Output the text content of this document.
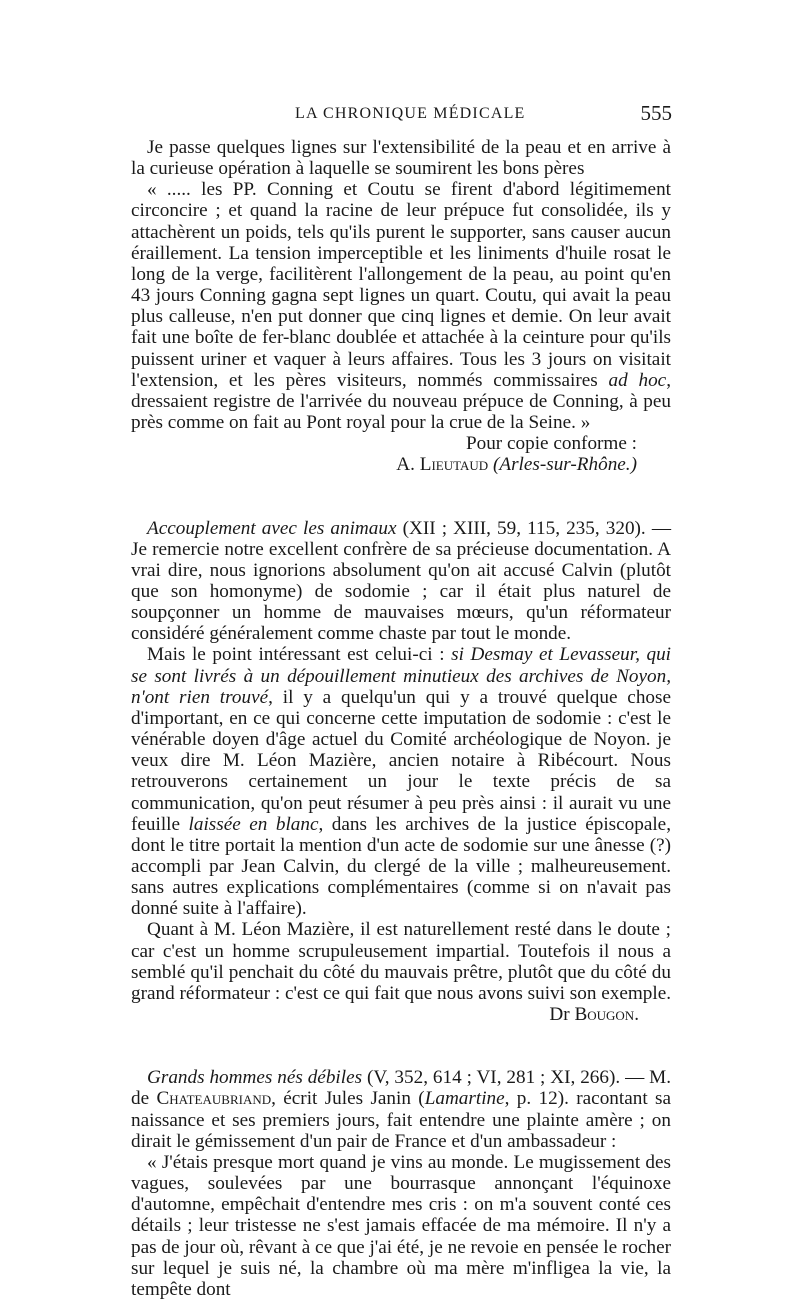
LA CHRONIQUE MÉDICALE	555

Je passe quelques lignes sur l'extensibilité de la peau et en arrive à la curieuse opération à laquelle se soumirent les bons pères

« ..... les PP. Conning et Coutu se firent d'abord légitimement circoncire ; et quand la racine de leur prépuce fut consolidée, ils y attachèrent un poids, tels qu'ils purent le supporter, sans causer aucun éraillement. La tension imperceptible et les liniments d'huile rosat le long de la verge, facilitèrent l'allongement de la peau, au point qu'en 43 jours Conning gagna sept lignes un quart. Coutu, qui avait la peau plus calleuse, n'en put donner que cinq lignes et demie. On leur avait fait une boîte de fer-blanc doublée et attachée à la ceinture pour qu'ils puissent uriner et vaquer à leurs affaires. Tous les 3 jours on visitait l'extension, et les pères visiteurs, nommés commissaires ad hoc, dressaient registre de l'arrivée du nouveau prépuce de Conning, à peu près comme on fait au Pont royal pour la crue de la Seine. »

Pour copie conforme :
A. Lieutaud (Arles-sur-Rhône.)

Accouplement avec les animaux (XII ; XIII, 59, 115, 235, 320). — Je remercie notre excellent confrère de sa précieuse documentation. A vrai dire, nous ignorions absolument qu'on ait accusé Calvin (plutôt que son homonyme) de sodomie ; car il était plus naturel de soupçonner un homme de mauvaises mœurs, qu'un réformateur considéré généralement comme chaste par tout le monde.

Mais le point intéressant est celui-ci : si Desmay et Levasseur, qui se sont livrés à un dépouillement minutieux des archives de Noyon, n'ont rien trouvé, il y a quelqu'un qui y a trouvé quelque chose d'important, en ce qui concerne cette imputation de sodomie : c'est le vénérable doyen d'âge actuel du Comité archéologique de Noyon. je veux dire M. Léon Mazière, ancien notaire à Ribécourt. Nous retrouverons certainement un jour le texte précis de sa communication, qu'on peut résumer à peu près ainsi : il aurait vu une feuille laissée en blanc, dans les archives de la justice épiscopale, dont le titre portait la mention d'un acte de sodomie sur une ânesse (?) accompli par Jean Calvin, du clergé de la ville ; malheureusement. sans autres explications complémentaires (comme si on n'avait pas donné suite à l'affaire).

Quant à M. Léon Mazière, il est naturellement resté dans le doute ; car c'est un homme scrupuleusement impartial. Toutefois il nous a semblé qu'il penchait du côté du mauvais prêtre, plutôt que du côté du grand réformateur : c'est ce qui fait que nous avons suivi son exemple.

Dr Bougon.

Grands hommes nés débiles (V, 352, 614 ; VI, 281 ; XI, 266). — M. de Chateaubriand, écrit Jules Janin (Lamartine, p. 12). racontant sa naissance et ses premiers jours, fait entendre une plainte amère ; on dirait le gémissement d'un pair de France et d'un ambassadeur :

« J'étais presque mort quand je vins au monde. Le mugissement des vagues, soulevées par une bourrasque annonçant l'équinoxe d'automne, empêchait d'entendre mes cris : on m'a souvent conté ces détails ; leur tristesse ne s'est jamais effacée de ma mémoire. Il n'y a pas de jour où, rêvant à ce que j'ai été, je ne revoie en pensée le rocher sur lequel je suis né, la chambre où ma mère m'infligea la vie, la tempête dont
